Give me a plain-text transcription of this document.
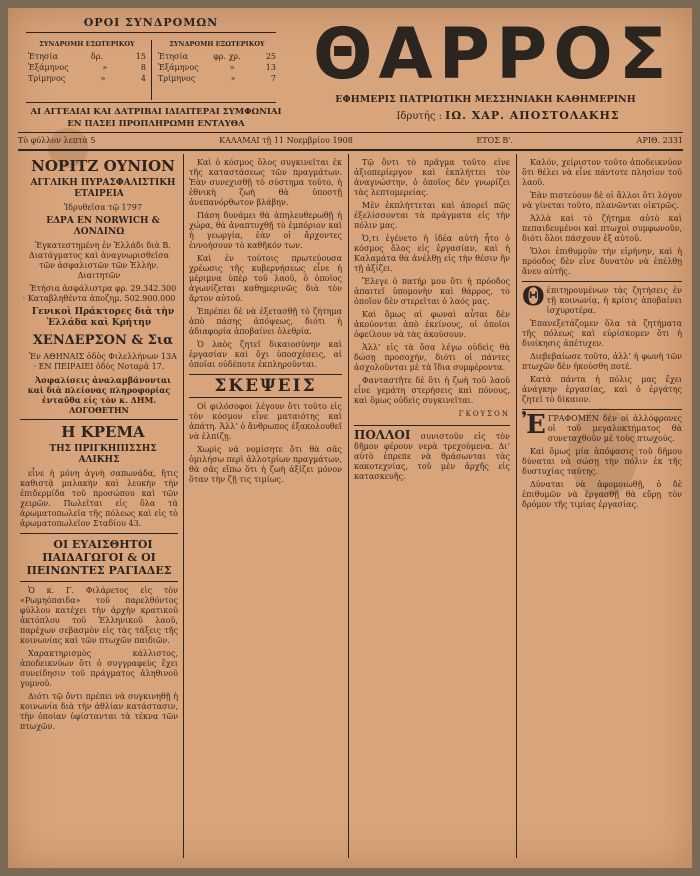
ΟΡΟΙ ΣΥΝΔΡΟΜΩΝ
ΣΥΝΔΡΟΜΗ ΕΣΩΤΕΡΙΚΟΥ
Ἐτησία	δρ.	15
Ἑξάμηνος	»	8
Τρίμηνος	»	4
ΣΥΝΔΡΟΜΗ ΕΞΩΤΕΡΙΚΟΥ
Ἐτησία	φρ. χρ.	25
Ἑξάμηνος	»	13
Τρίμηνος	»	7
ΑΙ ΑΓΓΕΛΙΑΙ ΚΑΙ ΔΑΤΡΙΒΑΙ ΙΔΙΑΙΤΕΡΑΙ ΣΥΜΦΩΝΙΑΙ
ΕΝ ΠΑΣΕΙ ΠΡΟΠΛΗΡΩΜΗ ΕΝΤΑΥΘΑ
ΘΑΡΡΟΣ
ΕΦΗΜΕΡΙΣ ΠΑΤΡΙΩΤΙΚΗ ΜΕΣΣΗΝΙΑΚΗ ΚΑΘΗΜΕΡΙΝΗ
Ιδρυτής : ΙΩ. ΧΑΡ. ΑΠΟΣΤΟΛΑΚΗΣ
Τὸ φύλλον λεπτὰ 5	ΚΑΛΑΜΑΙ τῇ 11 Νοεμβρίου 1908	ΕΤΟΣ Β'.	ΑΡΙΘ. 2331

ΝΟΡΙΤΖ ΟΥΝΙΟΝ

ΑΓΓΛΙΚΗ ΠΥΡΑΣΦΑΛΙΣΤΙΚΗ ΕΤΑΙΡΕΙΑ

Ἱδρυθεῖσα τῷ 1797

ΕΔΡΑ ΕΝ NORWICH & ΛΟΝΔΙΝΩ

Ἐγκατεστημένη ἐν Ἑλλάδι διὰ Β. Διατάγματος καὶ ἀναγνωρισθεῖσα τῶν ἀσφαλιστῶν τῶν Ἑλλήν. Διαιτητῶν

Ἐτήσια ἀσφάλιστρα φρ. 29.342.300 · Καταβληθέντα ἀποζημ. 502.900.000

Γενικοὶ Πράκτορες διὰ τὴν Ἑλλάδα καὶ Κρήτην

ΧΕΝΔΕΡΣΟΝ & Σια

Ἐν ΑΘΗΝΑΙΣ ὁδὸς Φιλελλήνων 13Α · ΕΝ ΠΕΙΡΑΙΕΙ ὁδὸς Νοταρᾶ 17.

Ἀσφαλίσεις ἀναλαμβάνονται καὶ διὰ πλείονας πληροφορίας ἐνταῦθα εἰς τὸν κ. ΔΗΜ. ΛΟΓΟΘΕΤΗΝ

Η ΚΡΕΜΑ

ΤΗΣ ΠΡΙΓΚΗΠΙΣΣΗΣ ΑΛΙΚΗΣ

εἶνε ἡ μόνη ἁγνὴ σαπωνάδα, ἥτις καθιστᾷ μαλακὴν καὶ λευκὴν τὴν ἐπιδερμίδα τοῦ προσώπου καὶ τῶν χειρῶν. Πωλεῖται εἰς ὅλα τὰ ἀρωματοπωλεῖα τῆς πόλεως καὶ εἰς τὸ ἀρωματοπωλεῖον Σταδίου 43.

ΟΙ ΕΥΑΙΣΘΗΤΟΙ ΠΑΙΔΑΓΩΓΟΙ & ΟΙ ΠΕΙΝΩΝΤΕΣ ΡΑΓΙΑΔΕΣ

Ὁ κ. Γ. Φιλάρετος εἰς τὸν «Ρωμηόπαιδα» τοῦ παρελθόντος φύλλου κατέχει τὴν ἀρχὴν κρατικοῦ ἀκτόπλου τοῦ Ἑλληνικοῦ λαοῦ, παρέχων σεβασμὸν εἰς τὰς τάξεις τῆς κοινωνίας καὶ τῶν πτωχῶν παιδιῶν.

Χαρακτηρισμὸς κάλλιστος, ἀποδεικνύων ὅτι ὁ συγγραφεὺς ἔχει συνείδησιν τοῦ πράγματος ἀληθινοῦ γυμνοῦ.

Διότι τῷ ὄντι πρέπει νὰ συγκινηθῇ ἡ κοινωνία διὰ τὴν ἀθλίαν κατάστασιν, τὴν ὁποίαν ὑφίστανται τὰ τέκνα τῶν πτωχῶν.

Καὶ ὁ κόσμος ὅλος συγκινεῖται ἐκ τῆς καταστάσεως τῶν πραγμάτων. Ἐὰν συνεχισθῇ τὸ σύστημα τοῦτο, ἡ ἐθνικὴ ζωὴ θὰ ὑποστῇ ἀνεπανόρθωτον βλάβην.

Πάση δυνάμει θὰ ἀπηλευθερωθῇ ἡ χώρα, θὰ ἀναπτυχθῇ τὸ ἐμπόριον καὶ ἡ γεωργία, ἐὰν οἱ ἄρχοντες ἐννοήσουν τὸ καθῆκόν των.

Καὶ ἐν τούτοις πρωτεύουσα χρέωσις τῆς κυβερνήσεως εἶνε ἡ μέριμνα ὑπὲρ τοῦ λαοῦ, ὁ ὁποῖος ἀγωνίζεται καθημερινῶς διὰ τὸν ἄρτον αὐτοῦ.

Ἐπρέπει δὲ νὰ ἐξετασθῇ τὸ ζήτημα ἀπὸ πάσης ἀπόψεως, διότι ἡ ἀδιαφορία ἀποβαίνει ὀλεθρία.

Ὁ λαὸς ζητεῖ δικαιοσύνην καὶ ἐργασίαν καὶ ὄχι ὑποσχέσεις, αἱ ὁποῖαι οὐδέποτε ἐκπληροῦνται.

ΣΚΕΨΕΙΣ

Οἱ φιλόσοφοι λέγουν ὅτι τοῦτο εἰς τὸν κόσμον εἶνε ματαιότης καὶ ἀπάτη. Ἀλλ’ ὁ ἄνθρωπος ἐξακολουθεῖ νὰ ἐλπίζῃ.

Χωρὶς νὰ νομίσητε ὅτι θὰ σᾶς ὁμιλήσω περὶ ἀλλοτρίων πραγμάτων, θὰ σᾶς εἴπω ὅτι ἡ ζωὴ ἀξίζει μόνον ὅταν τὴν ζῇ τις τιμίως.

Τῷ ὄντι τὸ πρᾶγμα τοῦτο εἶνε ἀξιοπερίεργον καὶ ἐκπλήττει τὸν ἀναγνώστην, ὁ ὁποῖος δὲν γνωρίζει τὰς λεπτομερείας.

Μὲν ἐκπλήττεται καὶ ἀπορεῖ πῶς ἐξελίσσονται τὰ πράγματα εἰς τὴν πόλιν μας.

Ὁ,τι ἐγένετο ἡ ἰδέα αὐτὴ ἦτο ὁ κόσμος ὅλος εἰς ἐργασίαν, καὶ ἡ Καλαμάτα θὰ ἀνέλθῃ εἰς τὴν θέσιν ἣν τῇ ἀξίζει.

Ἔλεγε ὁ πατήρ μου ὅτι ἡ πρόοδος ἀπαιτεῖ ὑπομονὴν καὶ θάρρος, τὸ ὁποῖον δὲν στερεῖται ὁ λαός μας.

Καὶ ὅμως αἱ φωναὶ αὗται δὲν ἀκούονται ἀπὸ ἐκείνους, οἱ ὁποῖοι ὀφείλουν νὰ τὰς ἀκούσουν.

Ἀλλ’ εἰς τὰ ὅσα λέγω οὐδεὶς θὰ δώσῃ προσοχήν, διότι οἱ πάντες ἀσχολοῦνται μὲ τὰ ἴδια συμφέροντα.

Φανταστῆτε δὲ ὅτι ἡ ζωὴ τοῦ λαοῦ εἶνε γεμάτη στερήσεις καὶ πόνους, καὶ ὅμως οὐδεὶς συγκινεῖται.

ΓΚΟΥΣΟΝ

ΠΟΛΛΟΙ συνιστοῦν εἰς τὸν δῆμον φέρουν νερὰ τρεχούμενα. Δι’ αὐτὸ ἐπρεπε νὰ θράσωνται τὰς κακοτεχνίας, τοῦ μὲν ἀρχῆς εἰς κατασκευῆς.

Καλόν, χείριστον τοῦτο ἀποδεικνύον ὅτι θέλει νὰ εἶνε πάντοτε πλησίον τοῦ λαοῦ.

Ἐὰν πιστεύουν δὲ οἱ ἄλλοι ὅτι λόγον νὰ γίνεται τοῦτο, πλανῶνται οἰκτρῶς.

Ἀλλὰ καὶ τὸ ζήτημα αὐτὸ καὶ πεπαιδευμένοι καὶ πτωχοὶ συμφωνοῦν, διότι ὅλοι πάσχουν ἐξ αὐτοῦ.

Ὅλοι ἐπιθυμοῦν τὴν εἰρήνην, καὶ ἡ πρόοδος δὲν εἶνε δυνατὸν νὰ ἐπέλθῃ ἄνευ αὐτῆς.

Θἐπιτηρουμένων τὰς ζητήσεις ἐν τῇ κοινωνίᾳ, ἡ κρίσις ἀποβαίνει ἰσχυροτέρα.

Ἐπανεξετάζομεν ὅλα τὰ ζητήματα τῆς πόλεως καὶ εὑρίσκομεν ὅτι ἡ διοίκησις ἀπέτυχεν.

Διεβεβαίωσε τοῦτο, ἀλλ’ ἡ φωνὴ τῶν πτωχῶν δὲν ἠκούσθη ποτέ.

Κατὰ πάντα ἡ πόλις μας ἔχει ἀνάγκην ἐργασίας, καὶ ὁ ἐργάτης ζητεῖ τὸ δίκαιον.

ἘΓΡΑΦΟΜΕΝ δὲν οἱ ἀλλόφρονες οἱ τοῦ μεγαλοκτήματος θὰ συνεταχθοῦν μὲ τοὺς πτωχούς.

Καὶ ὅμως μία ἀπόφασις τοῦ δήμου δύναται νὰ σώσῃ τὴν πόλιν ἐκ τῆς δυστυχίας ταύτης.

Δύναται νὰ ἀφομοιωθῇ, ὁ δὲ ἐπιθυμῶν νὰ ἐργασθῇ θὰ εὕρῃ τὸν δρόμον τῆς τιμίας ἐργασίας.
